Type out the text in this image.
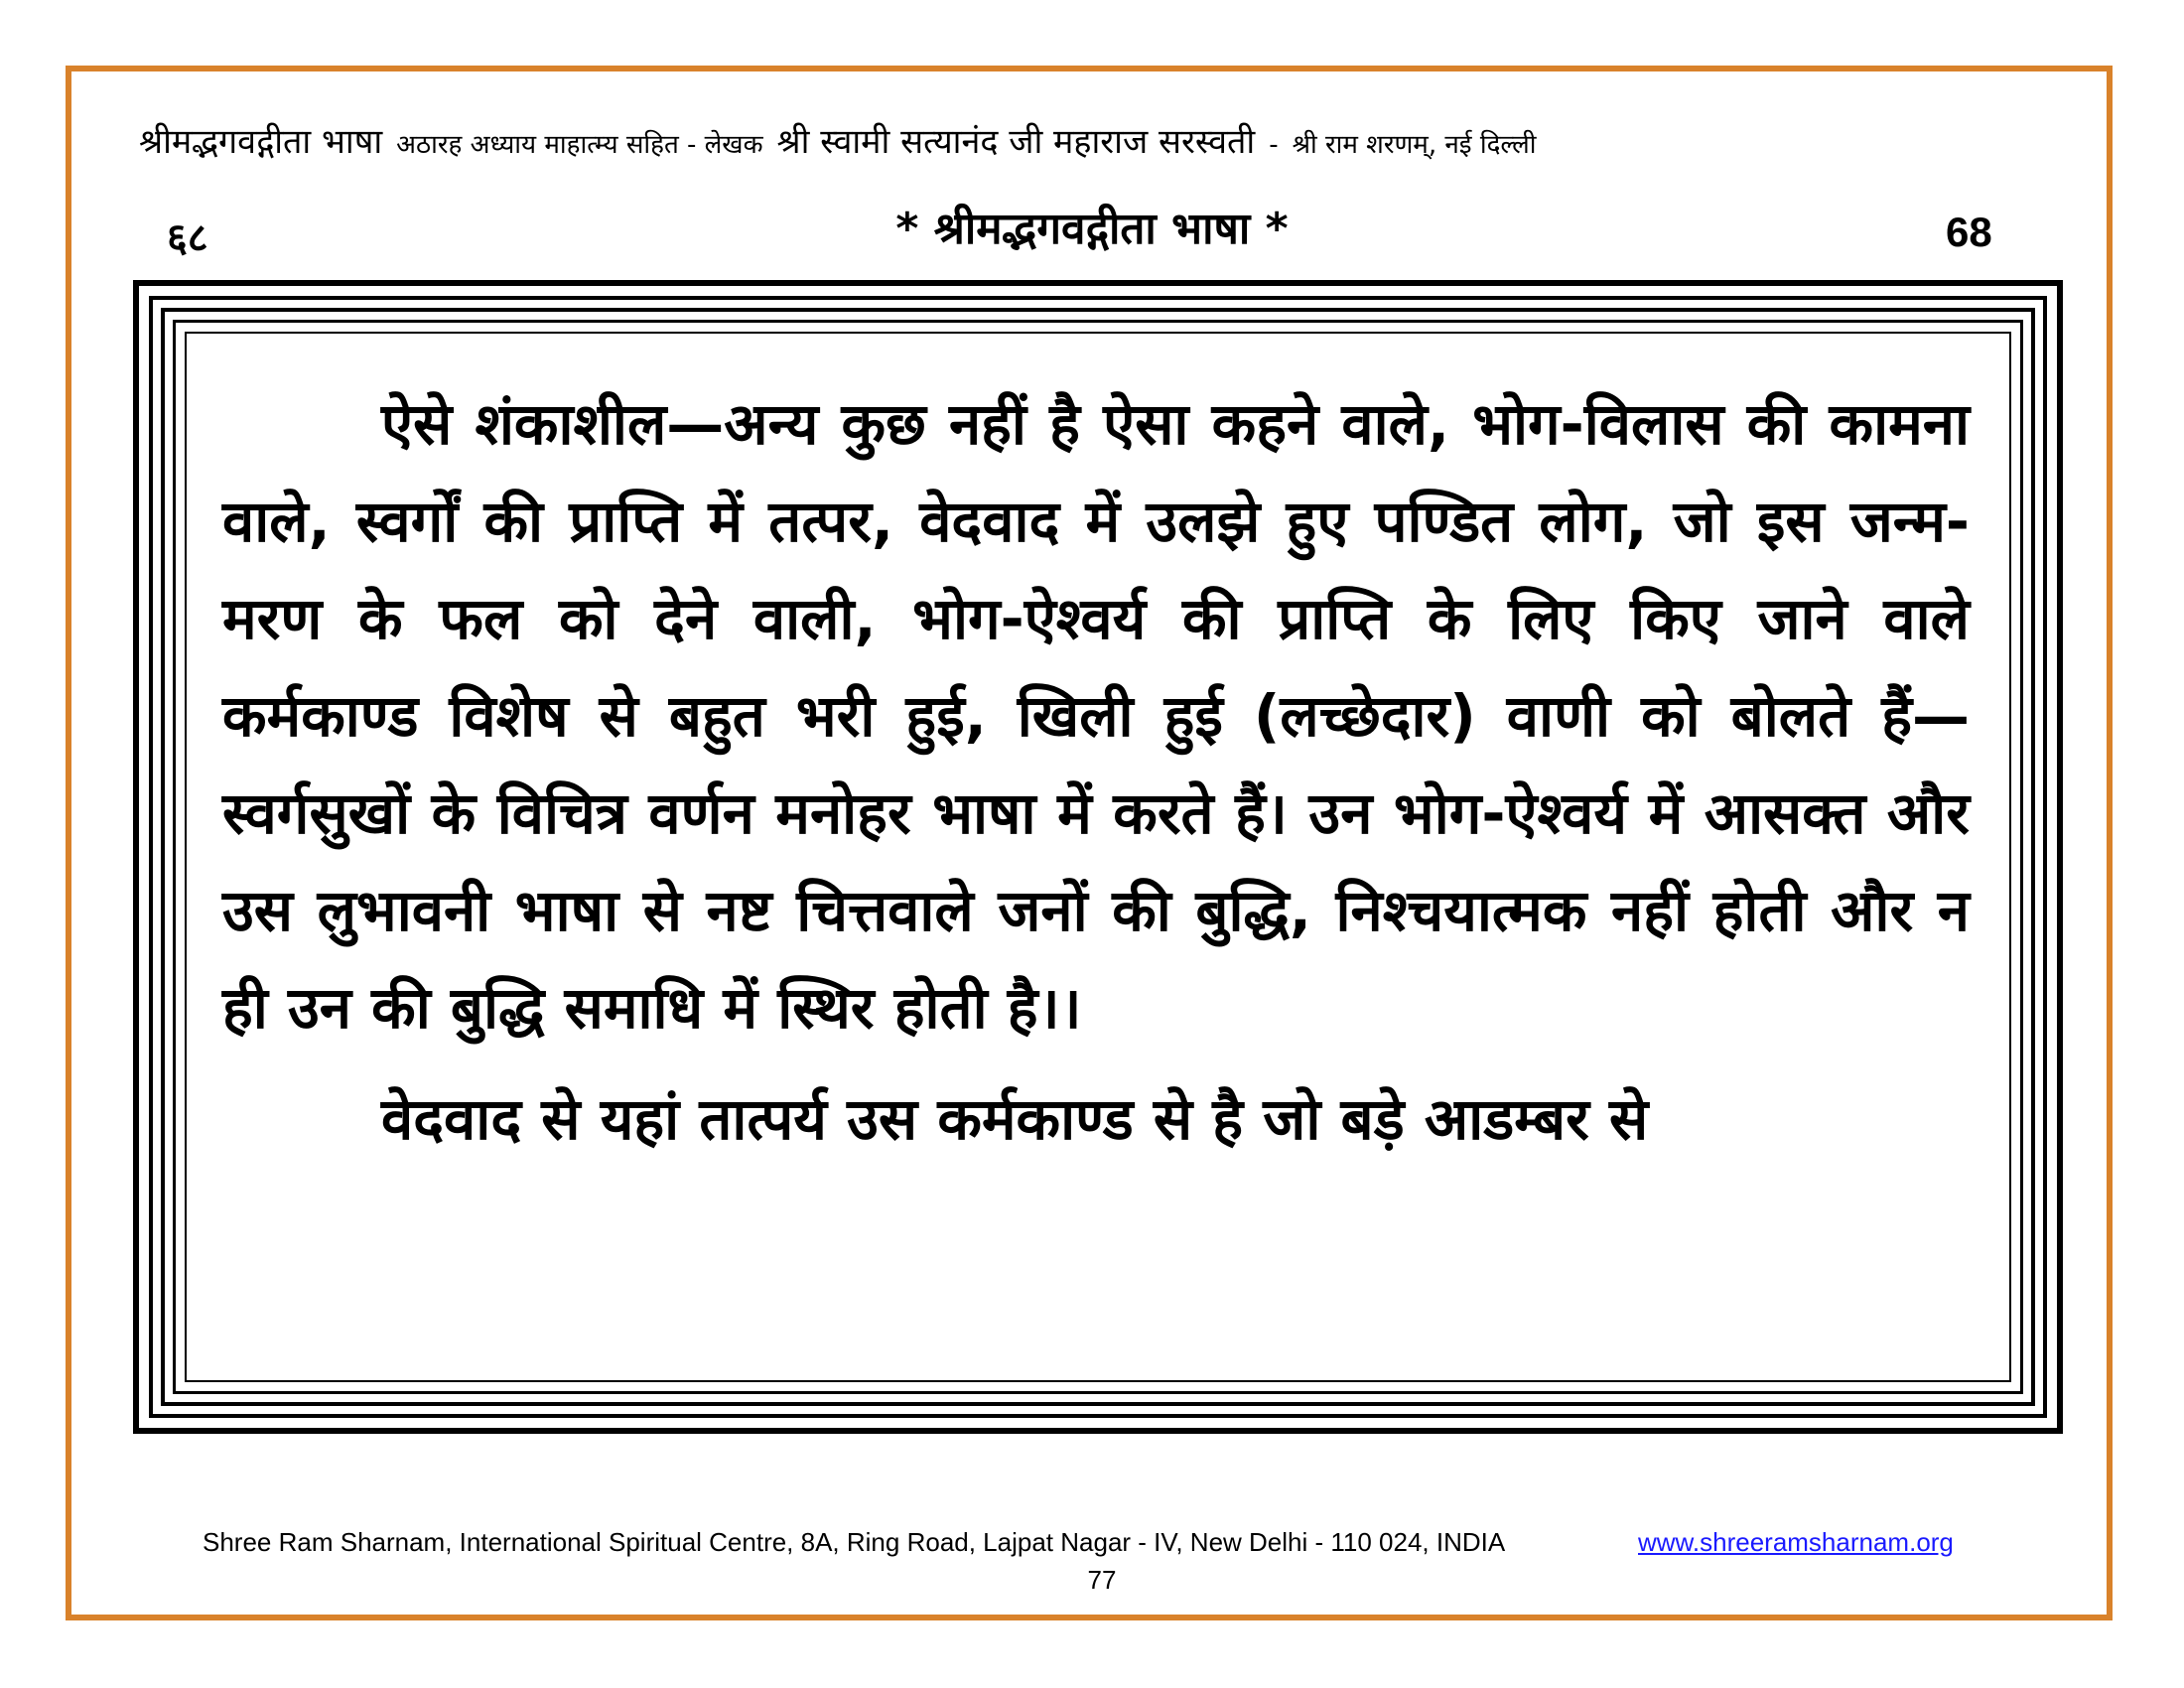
श्रीमद्भगवद्गीता भाषा अठारह अध्याय माहात्म्य सहित - लेखक श्री स्वामी सत्यानंद जी महाराज सरस्वती - श्री राम शरणम्, नई दिल्ली
६८	* श्रीमद्भगवद्गीता भाषा *	68

ऐसे शंकाशील—अन्य कुछ नहीं है ऐसा कहने वाले, भोग-विलास की कामना वाले, स्वर्गों की प्राप्ति में तत्पर, वेदवाद में उलझे हुए पण्डित लोग, जो इस जन्म-मरण के फल को देने वाली, भोग-ऐश्वर्य की प्राप्ति के लिए किए जाने वाले कर्मकाण्ड विशेष से बहुत भरी हुई, खिली हुई (लच्छेदार) वाणी को बोलते हैं—स्वर्गसुखों के विचित्र वर्णन मनोहर भाषा में करते हैं। उन भोग-ऐश्वर्य में आसक्त और उस लुभावनी भाषा से नष्ट चित्तवाले जनों की बुद्धि, निश्चयात्मक नहीं होती और न ही उन की बुद्धि समाधि में स्थिर होती है।।

वेदवाद से यहां तात्पर्य उस कर्मकाण्ड से है जो बड़े आडम्बर से

Shree Ram Sharnam, International Spiritual Centre, 8A, Ring Road, Lajpat Nagar - IV, New Delhi - 110 024, INDIA	www.shreeramsharnam.org
77
